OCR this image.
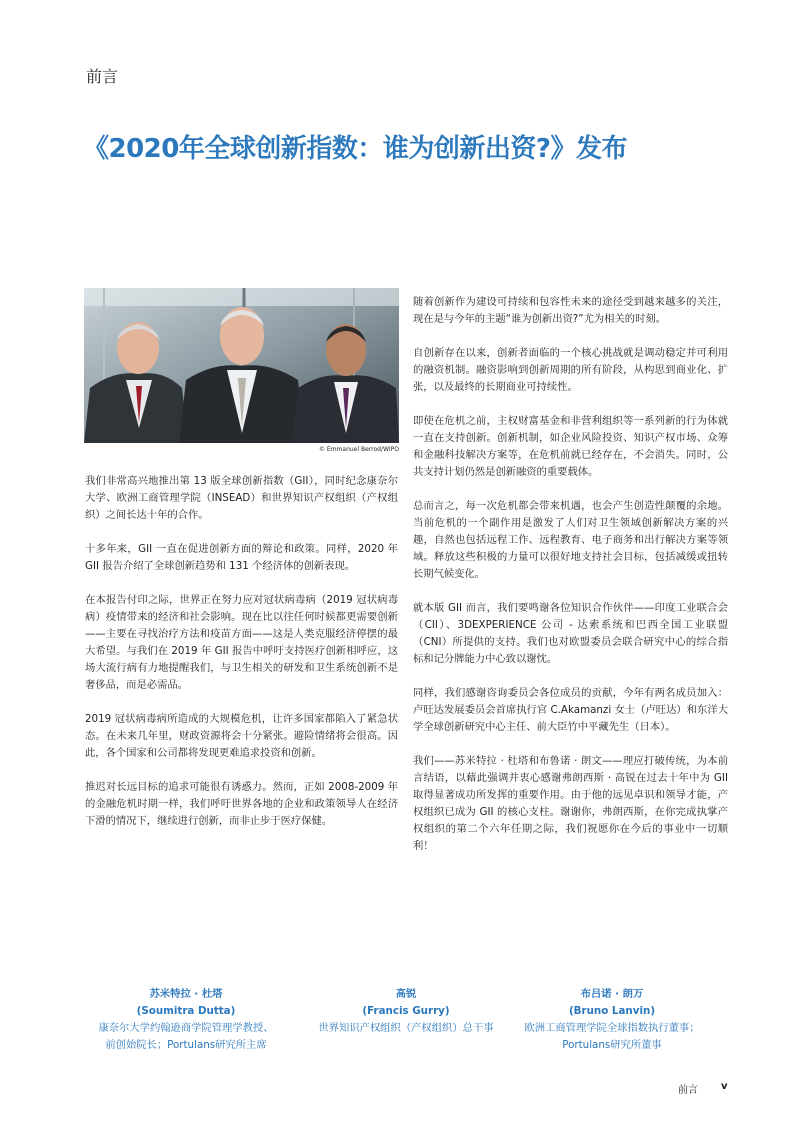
前言
《2020年全球创新指数：谁为创新出资?》发布
© Emmanuel Berrod/WIPO

我们非常高兴地推出第 13 版全球创新指数（GII），同时纪念康奈尔大学、欧洲工商管理学院（INSEAD）和世界知识产权组织（产权组织）之间长达十年的合作。

十多年来，GII 一直在促进创新方面的辩论和政策。同样，2020 年 GII 报告介绍了全球创新趋势和 131 个经济体的创新表现。

在本报告付印之际，世界正在努力应对冠状病毒病（2019 冠状病毒病）疫情带来的经济和社会影响。现在比以往任何时候都更需要创新——主要在寻找治疗方法和疫苗方面——这是人类克服经济停摆的最大希望。与我们在 2019 年 GII 报告中呼吁支持医疗创新相呼应，这场大流行病有力地提醒我们，与卫生相关的研发和卫生系统创新不是奢侈品，而是必需品。

2019 冠状病毒病所造成的大规模危机，让许多国家都陷入了紧急状态。在未来几年里，财政资源将会十分紧张。避险情绪将会很高。因此，各个国家和公司都将发现更难追求投资和创新。

推迟对长远目标的追求可能很有诱惑力。然而，正如 2008-2009 年的金融危机时期一样，我们呼吁世界各地的企业和政策领导人在经济下滑的情况下，继续进行创新，而非止步于医疗保健。

随着创新作为建设可持续和包容性未来的途径受到越来越多的关注，现在是与今年的主题“谁为创新出资?”尤为相关的时刻。

自创新存在以来，创新者面临的一个核心挑战就是调动稳定并可利用的融资机制。融资影响到创新周期的所有阶段，从构思到商业化、扩张，以及最终的长期商业可持续性。

即使在危机之前，主权财富基金和非营利组织等一系列新的行为体就一直在支持创新。创新机制，如企业风险投资、知识产权市场、众筹和金融科技解决方案等，在危机前就已经存在，不会消失。同时，公共支持计划仍然是创新融资的重要载体。

总而言之，每一次危机都会带来机遇，也会产生创造性颠覆的余地。当前危机的一个副作用是激发了人们对卫生领域创新解决方案的兴趣，自然也包括远程工作、远程教育、电子商务和出行解决方案等领域。释放这些积极的力量可以很好地支持社会目标，包括减缓或扭转长期气候变化。

就本版 GII 而言，我们要鸣谢各位知识合作伙伴——印度工业联合会（CII）、3DEXPERIENCE 公司 - 达索系统和巴西全国工业联盟（CNI）所提供的支持。我们也对欧盟委员会联合研究中心的综合指标和记分牌能力中心致以谢忱。

同样，我们感谢咨询委员会各位成员的贡献，今年有两名成员加入：卢旺达发展委员会首席执行官 C.Akamanzi 女士（卢旺达）和东洋大学全球创新研究中心主任、前大臣竹中平藏先生（日本）。

我们——苏米特拉 · 杜塔和布鲁诺 · 朗文——理应打破传统，为本前言结语，以藉此强调并衷心感谢弗朗西斯 · 高锐在过去十年中为 GII 取得显著成功所发挥的重要作用。由于他的远见卓识和领导才能，产权组织已成为 GII 的核心支柱。谢谢你，弗朗西斯，在你完成执掌产权组织的第二个六年任期之际，我们祝愿你在今后的事业中一切顺利！

苏米特拉 · 杜塔
(Soumitra Dutta)
康奈尔大学约翰逊商学院管理学教授、
前创始院长；Portulans研究所主席
高锐
(Francis Gurry)
世界知识产权组织（产权组织）总干事
布吕诺 · 朗万
(Bruno Lanvin)
欧洲工商管理学院全球指数执行董事；
Portulans研究所董事
前言 v
